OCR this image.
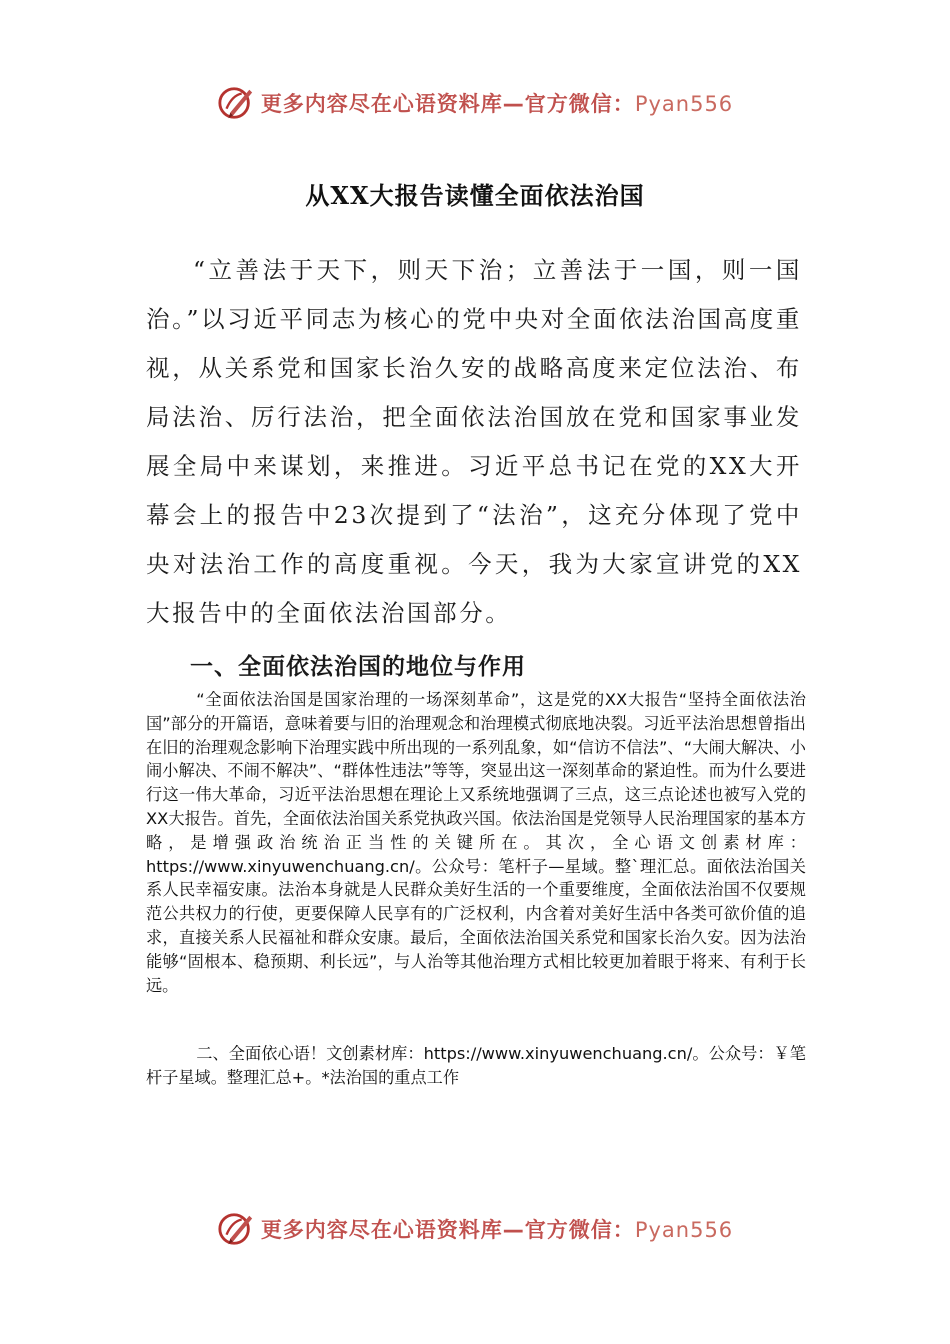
更多内容尽在心语资料库—官方微信：Pyan556
从XX大报告读懂全面依法治国

“立善法于天下，则天下治；立善法于一国，则一国治。”以习近平同志为核心的党中央对全面依法治国高度重视，从关系党和国家长治久安的战略高度来定位法治、布局法治、厉行法治，把全面依法治国放在党和国家事业发展全局中来谋划，来推进。习近平总书记在党的XX大开幕会上的报告中23次提到了“法治”，这充分体现了党中央对法治工作的高度重视。今天，我为大家宣讲党的XX大报告中的全面依法治国部分。

一、全面依法治国的地位与作用

“全面依法治国是国家治理的一场深刻革命”，这是党的XX大报告“坚持全面依法治国”部分的开篇语，意味着要与旧的治理观念和治理模式彻底地决裂。习近平法治思想曾指出在旧的治理观念影响下治理实践中所出现的一系列乱象，如“信访不信法”、“大闹大解决、小闹小解决、不闹不解决”、“群体性违法”等等，突显出这一深刻革命的紧迫性。而为什么要进行这一伟大革命，习近平法治思想在理论上又系统地强调了三点，这三点论述也被写入党的XX大报告。首先，全面依法治国关系党执政兴国。依法治国是党领导人民治理国家的基本方略，是增强政治统治正当性的关键所在。其次，全心语文创素材库：https://www.xinyuwenchuang.cn/。公众号：笔杆子—星域。整`理汇总。面依法治国关系人民幸福安康。法治本身就是人民群众美好生活的一个重要维度，全面依法治国不仅要规范公共权力的行使，更要保障人民享有的广泛权利，内含着对美好生活中各类可欲价值的追求，直接关系人民福祉和群众安康。最后，全面依法治国关系党和国家长治久安。因为法治能够“固根本、稳预期、利长远”，与人治等其他治理方式相比较更加着眼于将来、有利于长远。

二、全面依心语！文创素材库：https://www.xinyuwenchuang.cn/。公众号：￥笔杆子星域。整理汇总+。*法治国的重点工作

更多内容尽在心语资料库—官方微信：Pyan556
